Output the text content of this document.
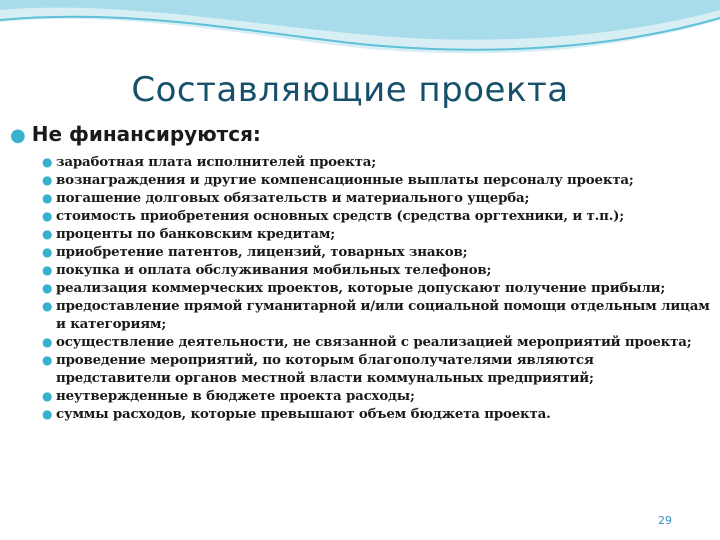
Составляющие проекта
● Не финансируются:
● заработная плата исполнителей проекта;
● вознаграждения и другие компенсационные выплаты персоналу проекта;
● погашение долговых обязательств и материального ущерба;
● стоимость приобретения основных средств (средства оргтехники, и т.п.);
● проценты по банковским кредитам;
● приобретение патентов, лицензий, товарных знаков;
● покупка и оплата обслуживания мобильных телефонов;
● реализация коммерческих проектов, которые допускают получение прибыли;
● предоставление прямой гуманитарной и/или социальной помощи отдельным лицам и категориям;
● осуществление деятельности, не связанной с реализацией мероприятий проекта;
● проведение мероприятий, по которым благополучателями являются представители органов местной власти коммунальных предприятий;
● неутвержденные в бюджете проекта расходы;
● суммы расходов, которые превышают объем бюджета проекта.
29
